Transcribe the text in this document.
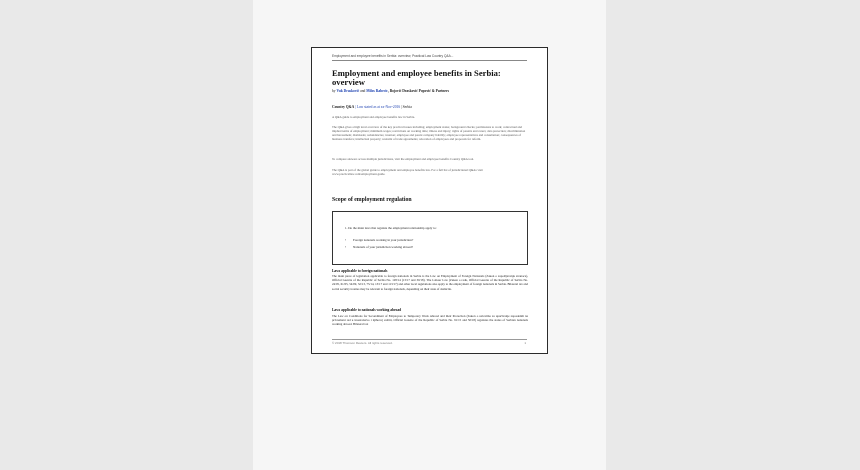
Employment and employee benefits in Serbia: overview, Practical Law Country Q&A...
Employment and employee benefits in Serbia: overview
by Vuk Drasković and Milos Rabecic, Bojović Drasković Popović & Partners
Country Q&A | Law stated as at xx-Nov-2016 | Serbia
A Q&A guide to employment and employee benefits law in Serbia.
The Q&A gives a high level overview of the key practical issues including; employment status; background checks; permissions to work; contractual and implied terms of employment; minimum wages; restrictions on working time; illness and injury; rights of parents and carers; data protection; discrimination and harassment; dismissals; redundancies; taxation; employee and parent company liability; employee representatives and consultation; consequences of business transfers; intellectual property; restraint of trade agreements; relocation of employees and proposals for reform.
To compare answers across multiple jurisdictions, visit the employment and employee benefits Country Q&A tool.
The Q&A is part of the global guide to employment and employee benefits law. For a full list of jurisdictional Q&As visit www.practicallaw.com/employment-guide.
Scope of employment regulation
1. Do the main laws that regulate the employment relationship apply to:
• Foreign nationals working in your jurisdiction?
• Nationals of your jurisdiction working abroad?
Laws applicable to foreign nationals
The main piece of legislation applicable to foreign nationals in Serbia is the Law on Employment of Foreign Nationals (Zakon o zapošljavanju stranaca), Official Gazette of the Republic of Serbia No. 128/14 (13/17 and 30/18). The Labour Law (Zakon o radu, Official Gazette of the Republic of Serbia No. 24/05, 61/05, 54/09, 32/13, 75/14, 13/17 and 113/17) and other local regulations also apply to the employment of foreign nationals in Serbia. Bilateral tax and social security treaties may be relevant to foreign nationals, depending on their state of domicile.
Laws applicable to nationals working abroad
The Law on Conditions for Secondment of Employees to Temporary Work Abroad and their Protection (Zakon o uslovima za upućivanje zaposlenih na privremeni rad u inostranstvo i njihovoj zaštiti, Official Gazette of the Republic of Serbia No. 91/15 and 50/18) regulates the status of Serbian nationals working abroad. Bilateral tax
© 2018 Thomson Reuters. All rights reserved.	1
